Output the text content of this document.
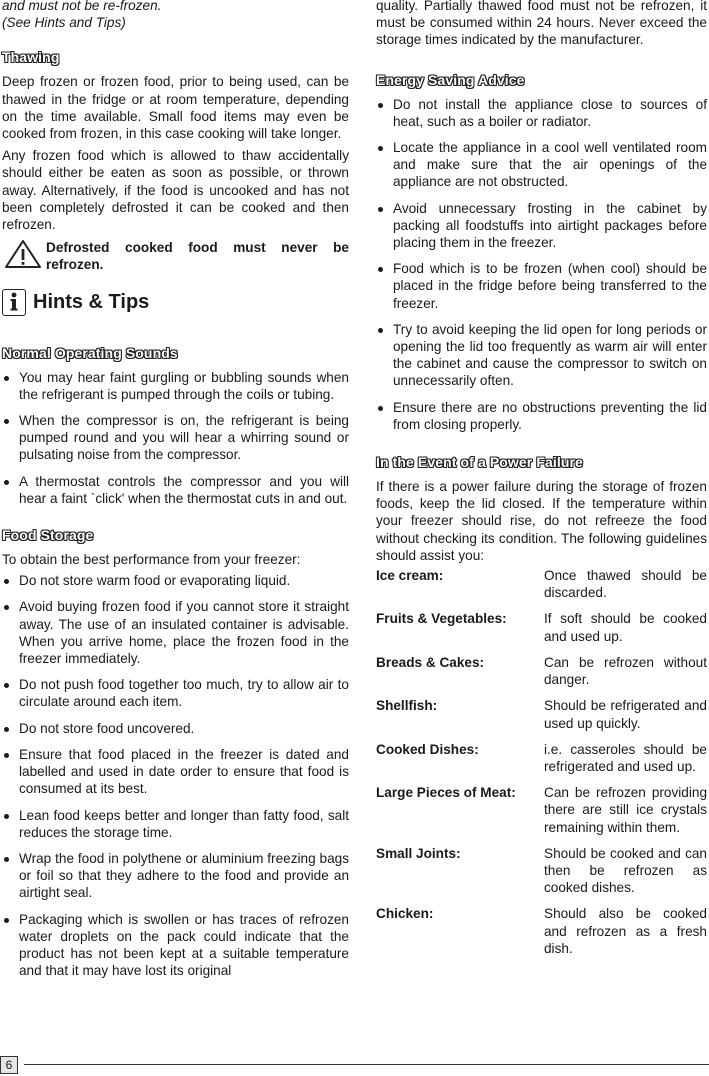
and must not be re-frozen.

(See Hints and Tips)

Thawing

Deep frozen or frozen food, prior to being used, can be thawed in the fridge or at room temperature, depending on the time available. Small food items may even be cooked from frozen, in this case cooking will take longer.

Any frozen food which is allowed to thaw accidentally should either be eaten as soon as possible, or thrown away. Alternatively, if the food is uncooked and has not been completely defrosted it can be cooked and then refrozen.

Defrosted cooked food must never be refrozen.
Hints & Tips
Normal Operating Sounds
You may hear faint gurgling or bubbling sounds when the refrigerant is pumped through the coils or tubing.
When the compressor is on, the refrigerant is being pumped round and you will hear a whirring sound or pulsating noise from the compressor.
A thermostat controls the compressor and you will hear a faint `click' when the thermostat cuts in and out.
Food Storage

To obtain the best performance from your freezer:

Do not store warm food or evaporating liquid.
Avoid buying frozen food if you cannot store it straight away. The use of an insulated container is advisable. When you arrive home, place the frozen food in the freezer immediately.
Do not push food together too much, try to allow air to circulate around each item.
Do not store food uncovered.
Ensure that food placed in the freezer is dated and labelled and used in date order to ensure that food is consumed at its best.
Lean food keeps better and longer than fatty food, salt reduces the storage time.
Wrap the food in polythene or aluminium freezing bags or foil so that they adhere to the food and provide an airtight seal.
Packaging which is swollen or has traces of refrozen water droplets on the pack could indicate that the product has not been kept at a suitable temperature and that it may have lost its original

quality. Partially thawed food must not be refrozen, it must be consumed within 24 hours. Never exceed the storage times indicated by the manufacturer.

Energy Saving Advice
Do not install the appliance close to sources of heat, such as a boiler or radiator.
Locate the appliance in a cool well ventilated room and make sure that the air openings of the appliance are not obstructed.
Avoid unnecessary frosting in the cabinet by packing all foodstuffs into airtight packages before placing them in the freezer.
Food which is to be frozen (when cool) should be placed in the fridge before being transferred to the freezer.
Try to avoid keeping the lid open for long periods or opening the lid too frequently as warm air will enter the cabinet and cause the compressor to switch on unnecessarily often.
Ensure there are no obstructions preventing the lid from closing properly.
In the Event of a Power Failure

If there is a power failure during the storage of frozen foods, keep the lid closed. If the temperature within your freezer should rise, do not refreeze the food without checking its condition. The following guidelines should assist you:

Ice cream:	Once thawed should be discarded.
Fruits & Vegetables:	If soft should be cooked and used up.
Breads & Cakes:	Can be refrozen without danger.
Shellfish:	Should be refrigerated and used up quickly.
Cooked Dishes:	i.e. casseroles should be refrigerated and used up.
Large Pieces of Meat:	Can be refrozen providing there are still ice crystals remaining within them.
Small Joints:	Should be cooked and can then be refrozen as cooked dishes.
Chicken:	Should also be cooked and refrozen as a fresh dish.
6
